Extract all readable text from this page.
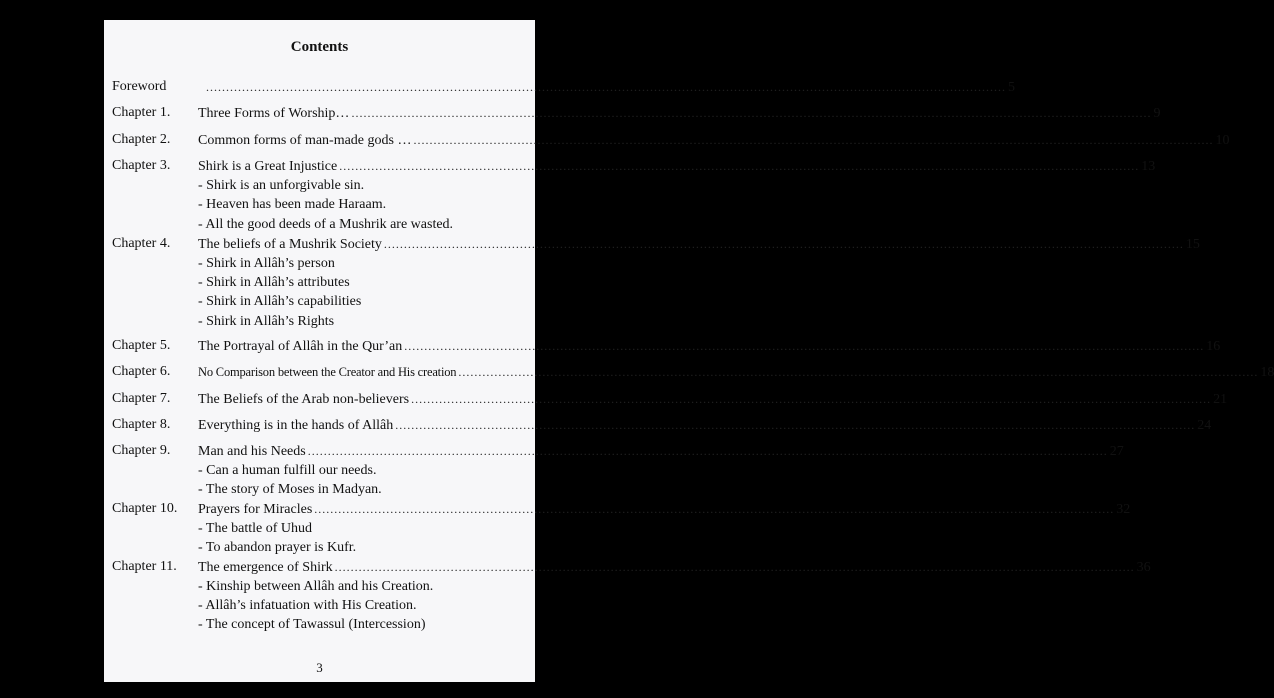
Contents
Foreword	........................................................................................................................................................................................................ 5
Chapter 1. Three Forms of Worship… ........................................................................................................................................................................................................ 9
Chapter 2. Common forms of man-made gods … ........................................................................................................................................................................................................ 10
Chapter 3. Shirk is a Great Injustice ........................................................................................................................................................................................................ 13
- Shirk is an unforgivable sin.
- Heaven has been made Haraam.
- All the good deeds of a Mushrik are wasted.
Chapter 4. The beliefs of a Mushrik Society ........................................................................................................................................................................................................ 15
- Shirk in Allâh’s person
- Shirk in Allâh’s attributes
- Shirk in Allâh’s capabilities
- Shirk in Allâh’s Rights
Chapter 5. The Portrayal of Allâh in the Qur’an ........................................................................................................................................................................................................ 16
Chapter 6. No Comparison between the Creator and His creation ........................................................................................................................................................................................................ 18
Chapter 7. The Beliefs of the Arab non-believers ........................................................................................................................................................................................................ 21
Chapter 8. Everything is in the hands of Allâh ........................................................................................................................................................................................................ 24
Chapter 9. Man and his Needs ........................................................................................................................................................................................................ 27
- Can a human fulfill our needs.
- The story of Moses in Madyan.
Chapter 10. Prayers for Miracles ........................................................................................................................................................................................................ 32
- The battle of Uhud
- To abandon prayer is Kufr.
Chapter 11. The emergence of Shirk ........................................................................................................................................................................................................ 36
- Kinship between Allâh and his Creation.
- Allâh’s infatuation with His Creation.
- The concept of Tawassul (Intercession)
3
